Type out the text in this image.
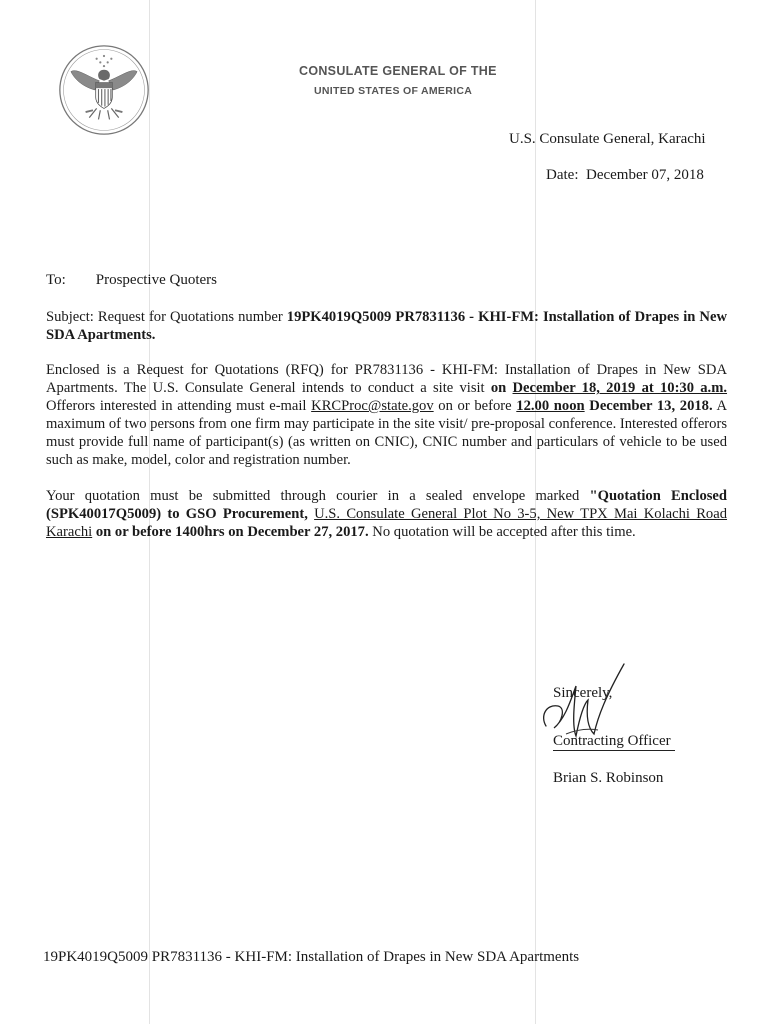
CONSULATE GENERAL OF THE
UNITED STATES OF AMERICA
U.S. Consulate General, Karachi
Date: December 07, 2018
To: Prospective Quoters

Subject: Request for Quotations number 19PK4019Q5009 PR7831136 - KHI-FM: Installation of Drapes in New SDA Apartments.

Enclosed is a Request for Quotations (RFQ) for PR7831136 - KHI-FM: Installation of Drapes in New SDA Apartments. The U.S. Consulate General intends to conduct a site visit on December 18, 2019 at 10:30 a.m. Offerors interested in attending must e-mail KRCProc@state.gov on or before 12.00 noon December 13, 2018. A maximum of two persons from one firm may participate in the site visit/ pre-proposal conference. Interested offerors must provide full name of participant(s) (as written on CNIC), CNIC number and particulars of vehicle to be used such as make, model, color and registration number.

Your quotation must be submitted through courier in a sealed envelope marked "Quotation Enclosed (SPK40017Q5009) to GSO Procurement, U.S. Consulate General Plot No 3-5, New TPX Mai Kolachi Road Karachi on or before 1400hrs on December 27, 2017. No quotation will be accepted after this time.

Sincerely,
Contracting Officer
Brian S. Robinson
19PK4019Q5009 PR7831136 - KHI-FM: Installation of Drapes in New SDA Apartments
